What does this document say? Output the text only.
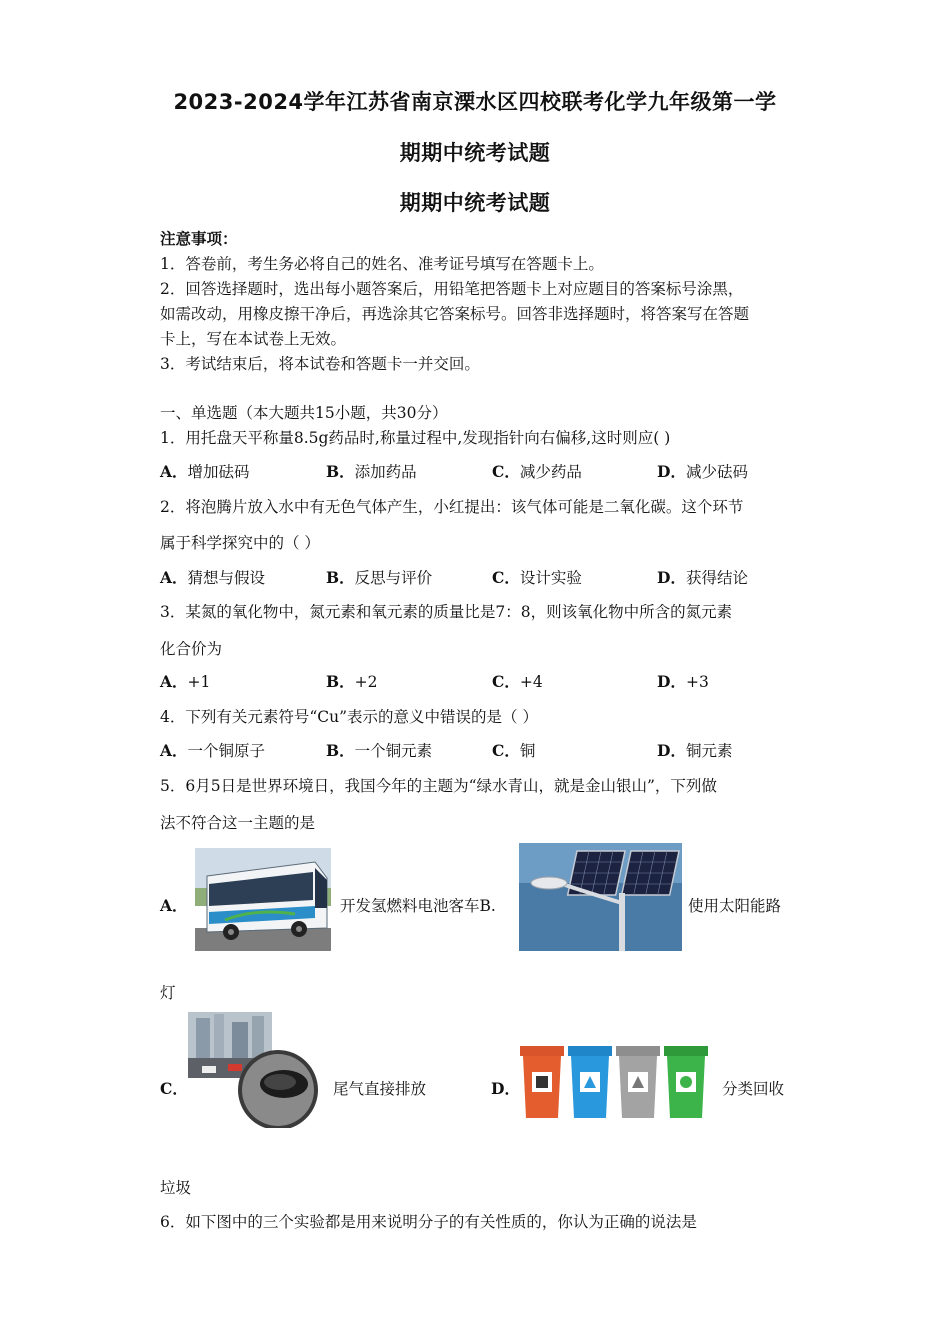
2023-2024学年江苏省南京溧水区四校联考化学九年级第一学
期期中统考试题
期期中统考试题
注意事项：
1．答卷前，考生务必将自己的姓名、准考证号填写在答题卡上。
2．回答选择题时，选出每小题答案后，用铅笔把答题卡上对应题目的答案标号涂黑，
如需改动，用橡皮擦干净后，再选涂其它答案标号。回答非选择题时，将答案写在答题
卡上，写在本试卷上无效。
3．考试结束后，将本试卷和答题卡一并交回。
一、单选题（本大题共15小题，共30分）
1．用托盘天平称量8.5g药品时,称量过程中,发现指针向右偏移,这时则应( )
A．增加砝码	B．添加药品	C．减少药品	D．减少砝码
2．将泡腾片放入水中有无色气体产生，小红提出：该气体可能是二氧化碳。这个环节
属于科学探究中的（ ）
A．猜想与假设	B．反思与评价	C．设计实验	D．获得结论
3．某氮的氧化物中，氮元素和氧元素的质量比是7：8，则该氧化物中所含的氮元素
化合价为
A．+1	B．+2	C．+4	D．+3
4．下列有关元素符号“Cu”表示的意义中错误的是（ ）
A．一个铜原子	B．一个铜元素	C．铜	D．铜元素
5．6月5日是世界环境日，我国今年的主题为“绿水青山，就是金山银山”，下列做
法不符合这一主题的是
A．	开发氢燃料电池客车B.	使用太阳能路
灯
C．	尾气直接排放	D．	分类回收
垃圾
6．如下图中的三个实验都是用来说明分子的有关性质的，你认为正确的说法是
